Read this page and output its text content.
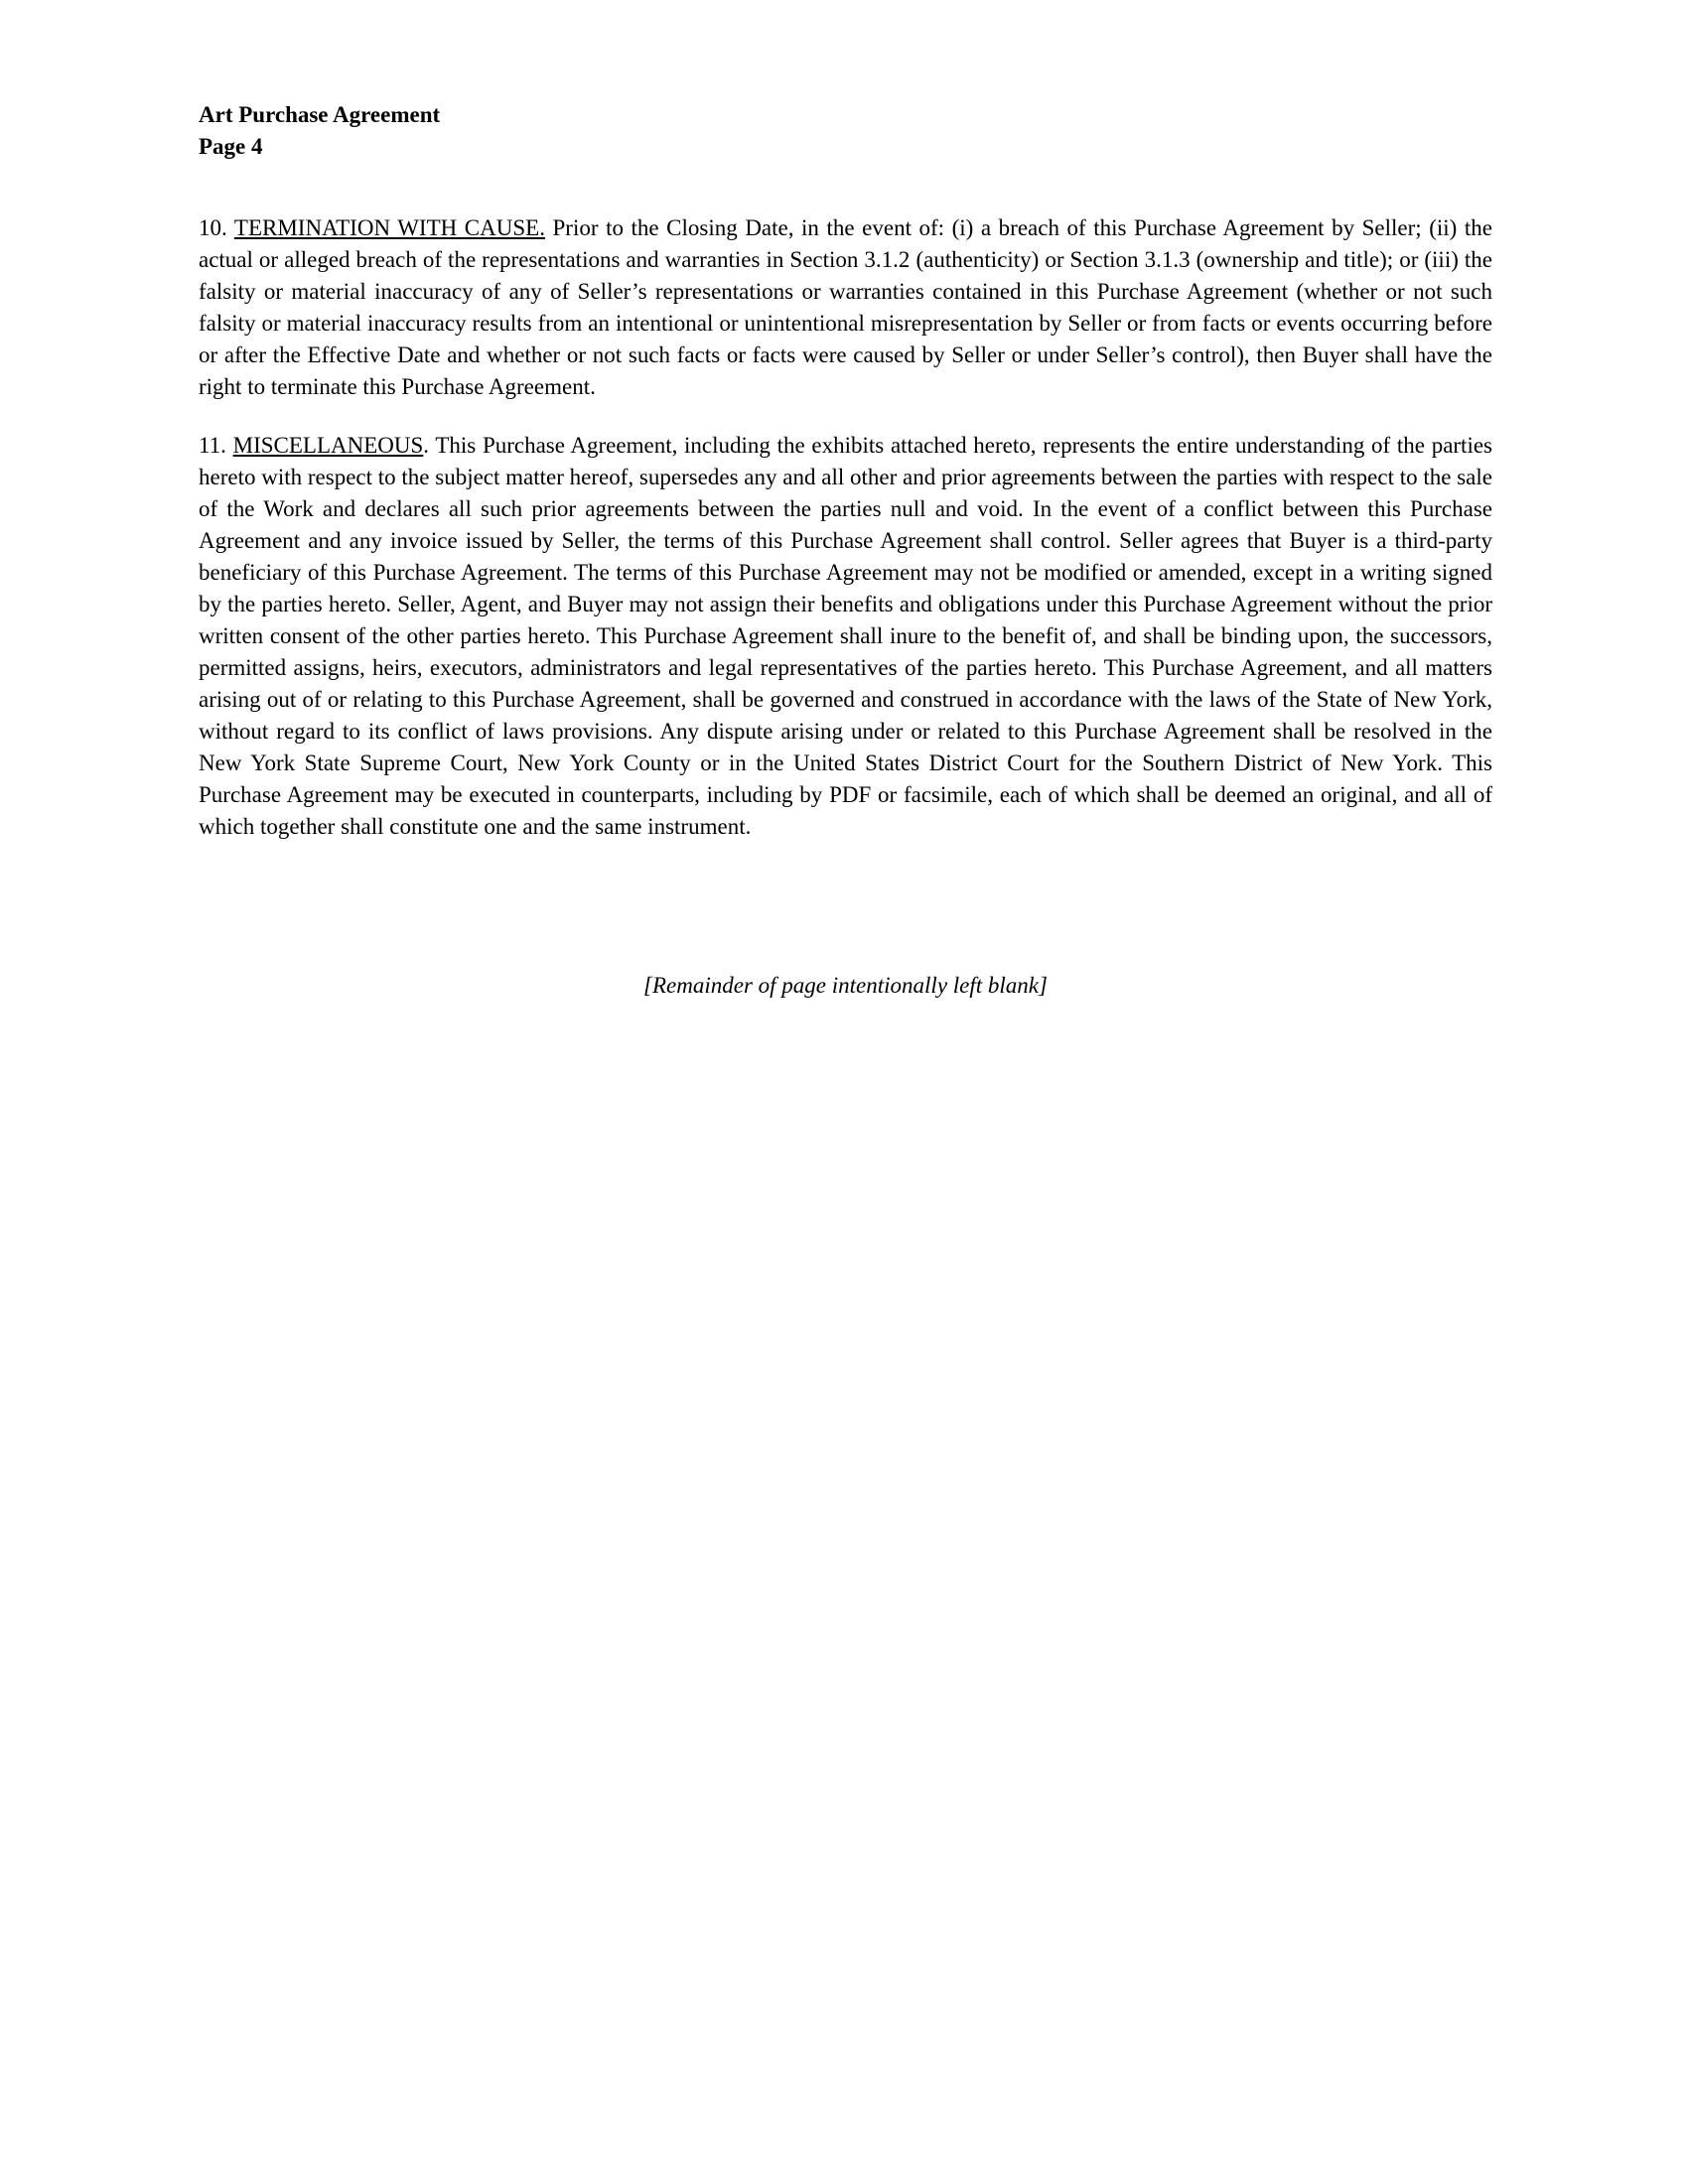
Art Purchase Agreement
Page 4

10. TERMINATION WITH CAUSE. Prior to the Closing Date, in the event of: (i) a breach of this Purchase Agreement by Seller; (ii) the actual or alleged breach of the representations and warranties in Section 3.1.2 (authenticity) or Section 3.1.3 (ownership and title); or (iii) the falsity or material inaccuracy of any of Seller’s representations or warranties contained in this Purchase Agreement (whether or not such falsity or material inaccuracy results from an intentional or unintentional misrepresentation by Seller or from facts or events occurring before or after the Effective Date and whether or not such facts or facts were caused by Seller or under Seller’s control), then Buyer shall have the right to terminate this Purchase Agreement.

11. MISCELLANEOUS. This Purchase Agreement, including the exhibits attached hereto, represents the entire understanding of the parties hereto with respect to the subject matter hereof, supersedes any and all other and prior agreements between the parties with respect to the sale of the Work and declares all such prior agreements between the parties null and void. In the event of a conflict between this Purchase Agreement and any invoice issued by Seller, the terms of this Purchase Agreement shall control. Seller agrees that Buyer is a third-party beneficiary of this Purchase Agreement. The terms of this Purchase Agreement may not be modified or amended, except in a writing signed by the parties hereto. Seller, Agent, and Buyer may not assign their benefits and obligations under this Purchase Agreement without the prior written consent of the other parties hereto. This Purchase Agreement shall inure to the benefit of, and shall be binding upon, the successors, permitted assigns, heirs, executors, administrators and legal representatives of the parties hereto. This Purchase Agreement, and all matters arising out of or relating to this Purchase Agreement, shall be governed and construed in accordance with the laws of the State of New York, without regard to its conflict of laws provisions. Any dispute arising under or related to this Purchase Agreement shall be resolved in the New York State Supreme Court, New York County or in the United States District Court for the Southern District of New York. This Purchase Agreement may be executed in counterparts, including by PDF or facsimile, each of which shall be deemed an original, and all of which together shall constitute one and the same instrument.

[Remainder of page intentionally left blank]
